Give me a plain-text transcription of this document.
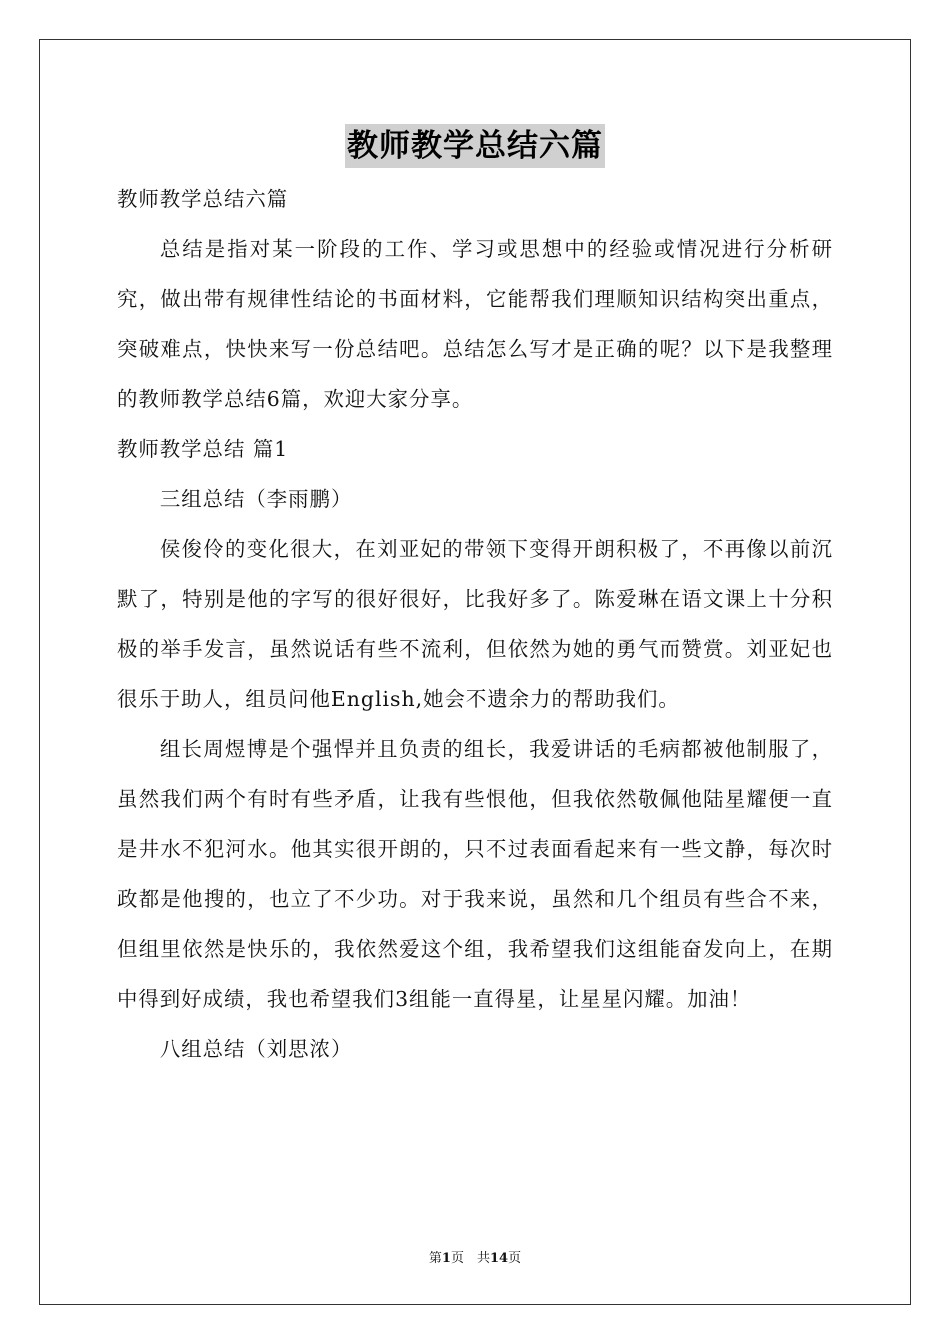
教师教学总结六篇

教师教学总结六篇

总结是指对某一阶段的工作、学习或思想中的经验或情况进行分析研究，做出带有规律性结论的书面材料，它能帮我们理顺知识结构突出重点，突破难点，快快来写一份总结吧。总结怎么写才是正确的呢？以下是我整理的教师教学总结6篇，欢迎大家分享。

教师教学总结 篇1

三组总结（李雨鹏）

侯俊伶的变化很大，在刘亚妃的带领下变得开朗积极了，不再像以前沉默了，特别是他的字写的很好很好，比我好多了。陈爱琳在语文课上十分积极的举手发言，虽然说话有些不流利，但依然为她的勇气而赞赏。刘亚妃也很乐于助人，组员问他English,她会不遗余力的帮助我们。

组长周煜博是个强悍并且负责的组长，我爱讲话的毛病都被他制服了，虽然我们两个有时有些矛盾，让我有些恨他，但我依然敬佩他陆星耀便一直是井水不犯河水。他其实很开朗的，只不过表面看起来有一些文静，每次时政都是他搜的，也立了不少功。对于我来说，虽然和几个组员有些合不来，但组里依然是快乐的，我依然爱这个组，我希望我们这组能奋发向上，在期中得到好成绩，我也希望我们3组能一直得星，让星星闪耀。加油！

八组总结（刘思浓）

第1页　共14页
